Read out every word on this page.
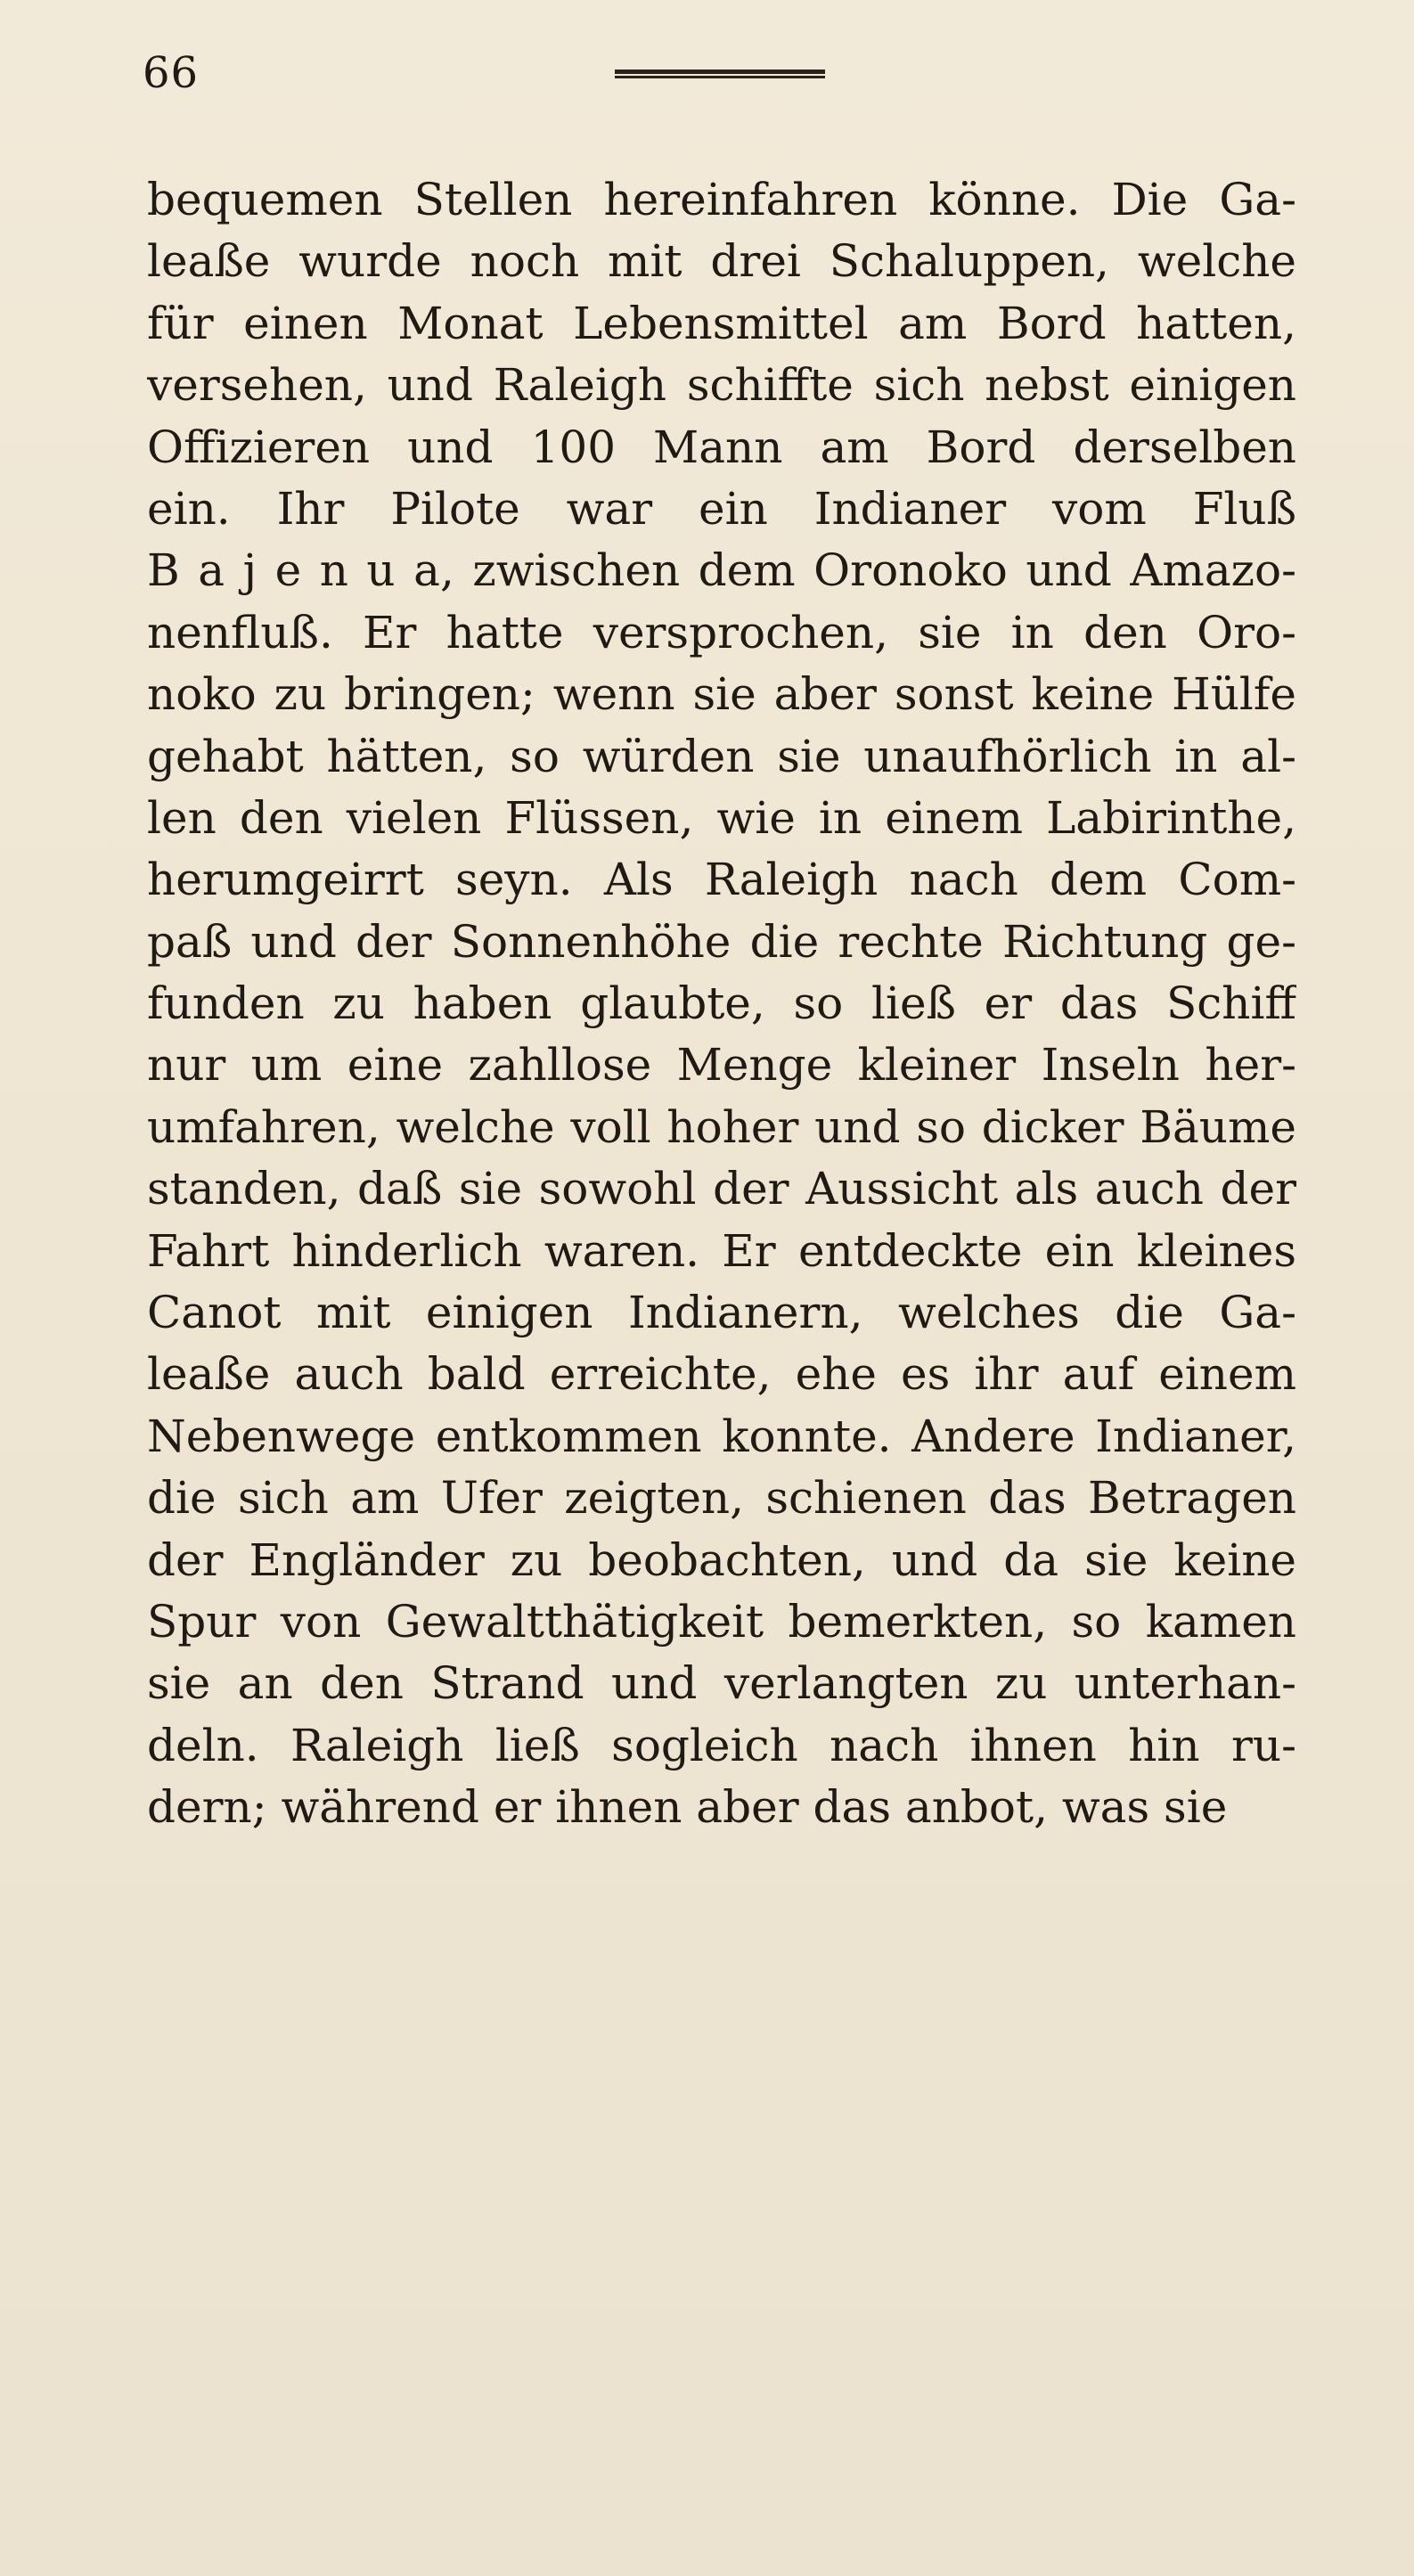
66
bequemen Stellen hereinfahren könne. Die Ga-
leaße wurde noch mit drei Schaluppen, welche
für einen Monat Lebensmittel am Bord hatten,
versehen, und Raleigh schiffte sich nebst einigen
Offizieren und 100 Mann am Bord derselben
ein. Ihr Pilote war ein Indianer vom Fluß
B a j e n u a, zwischen dem Oronoko und Amazo-
nenfluß. Er hatte versprochen, sie in den Oro-
noko zu bringen; wenn sie aber sonst keine Hülfe
gehabt hätten, so würden sie unaufhörlich in al-
len den vielen Flüssen, wie in einem Labirinthe,
herumgeirrt seyn. Als Raleigh nach dem Com-
paß und der Sonnenhöhe die rechte Richtung ge-
funden zu haben glaubte, so ließ er das Schiff
nur um eine zahllose Menge kleiner Inseln her-
umfahren, welche voll hoher und so dicker Bäume
standen, daß sie sowohl der Aussicht als auch der
Fahrt hinderlich waren. Er entdeckte ein kleines
Canot mit einigen Indianern, welches die Ga-
leaße auch bald erreichte, ehe es ihr auf einem
Nebenwege entkommen konnte. Andere Indianer,
die sich am Ufer zeigten, schienen das Betragen
der Engländer zu beobachten, und da sie keine
Spur von Gewaltthätigkeit bemerkten, so kamen
sie an den Strand und verlangten zu unterhan-
deln. Raleigh ließ sogleich nach ihnen hin ru-
dern; während er ihnen aber das anbot, was sie
